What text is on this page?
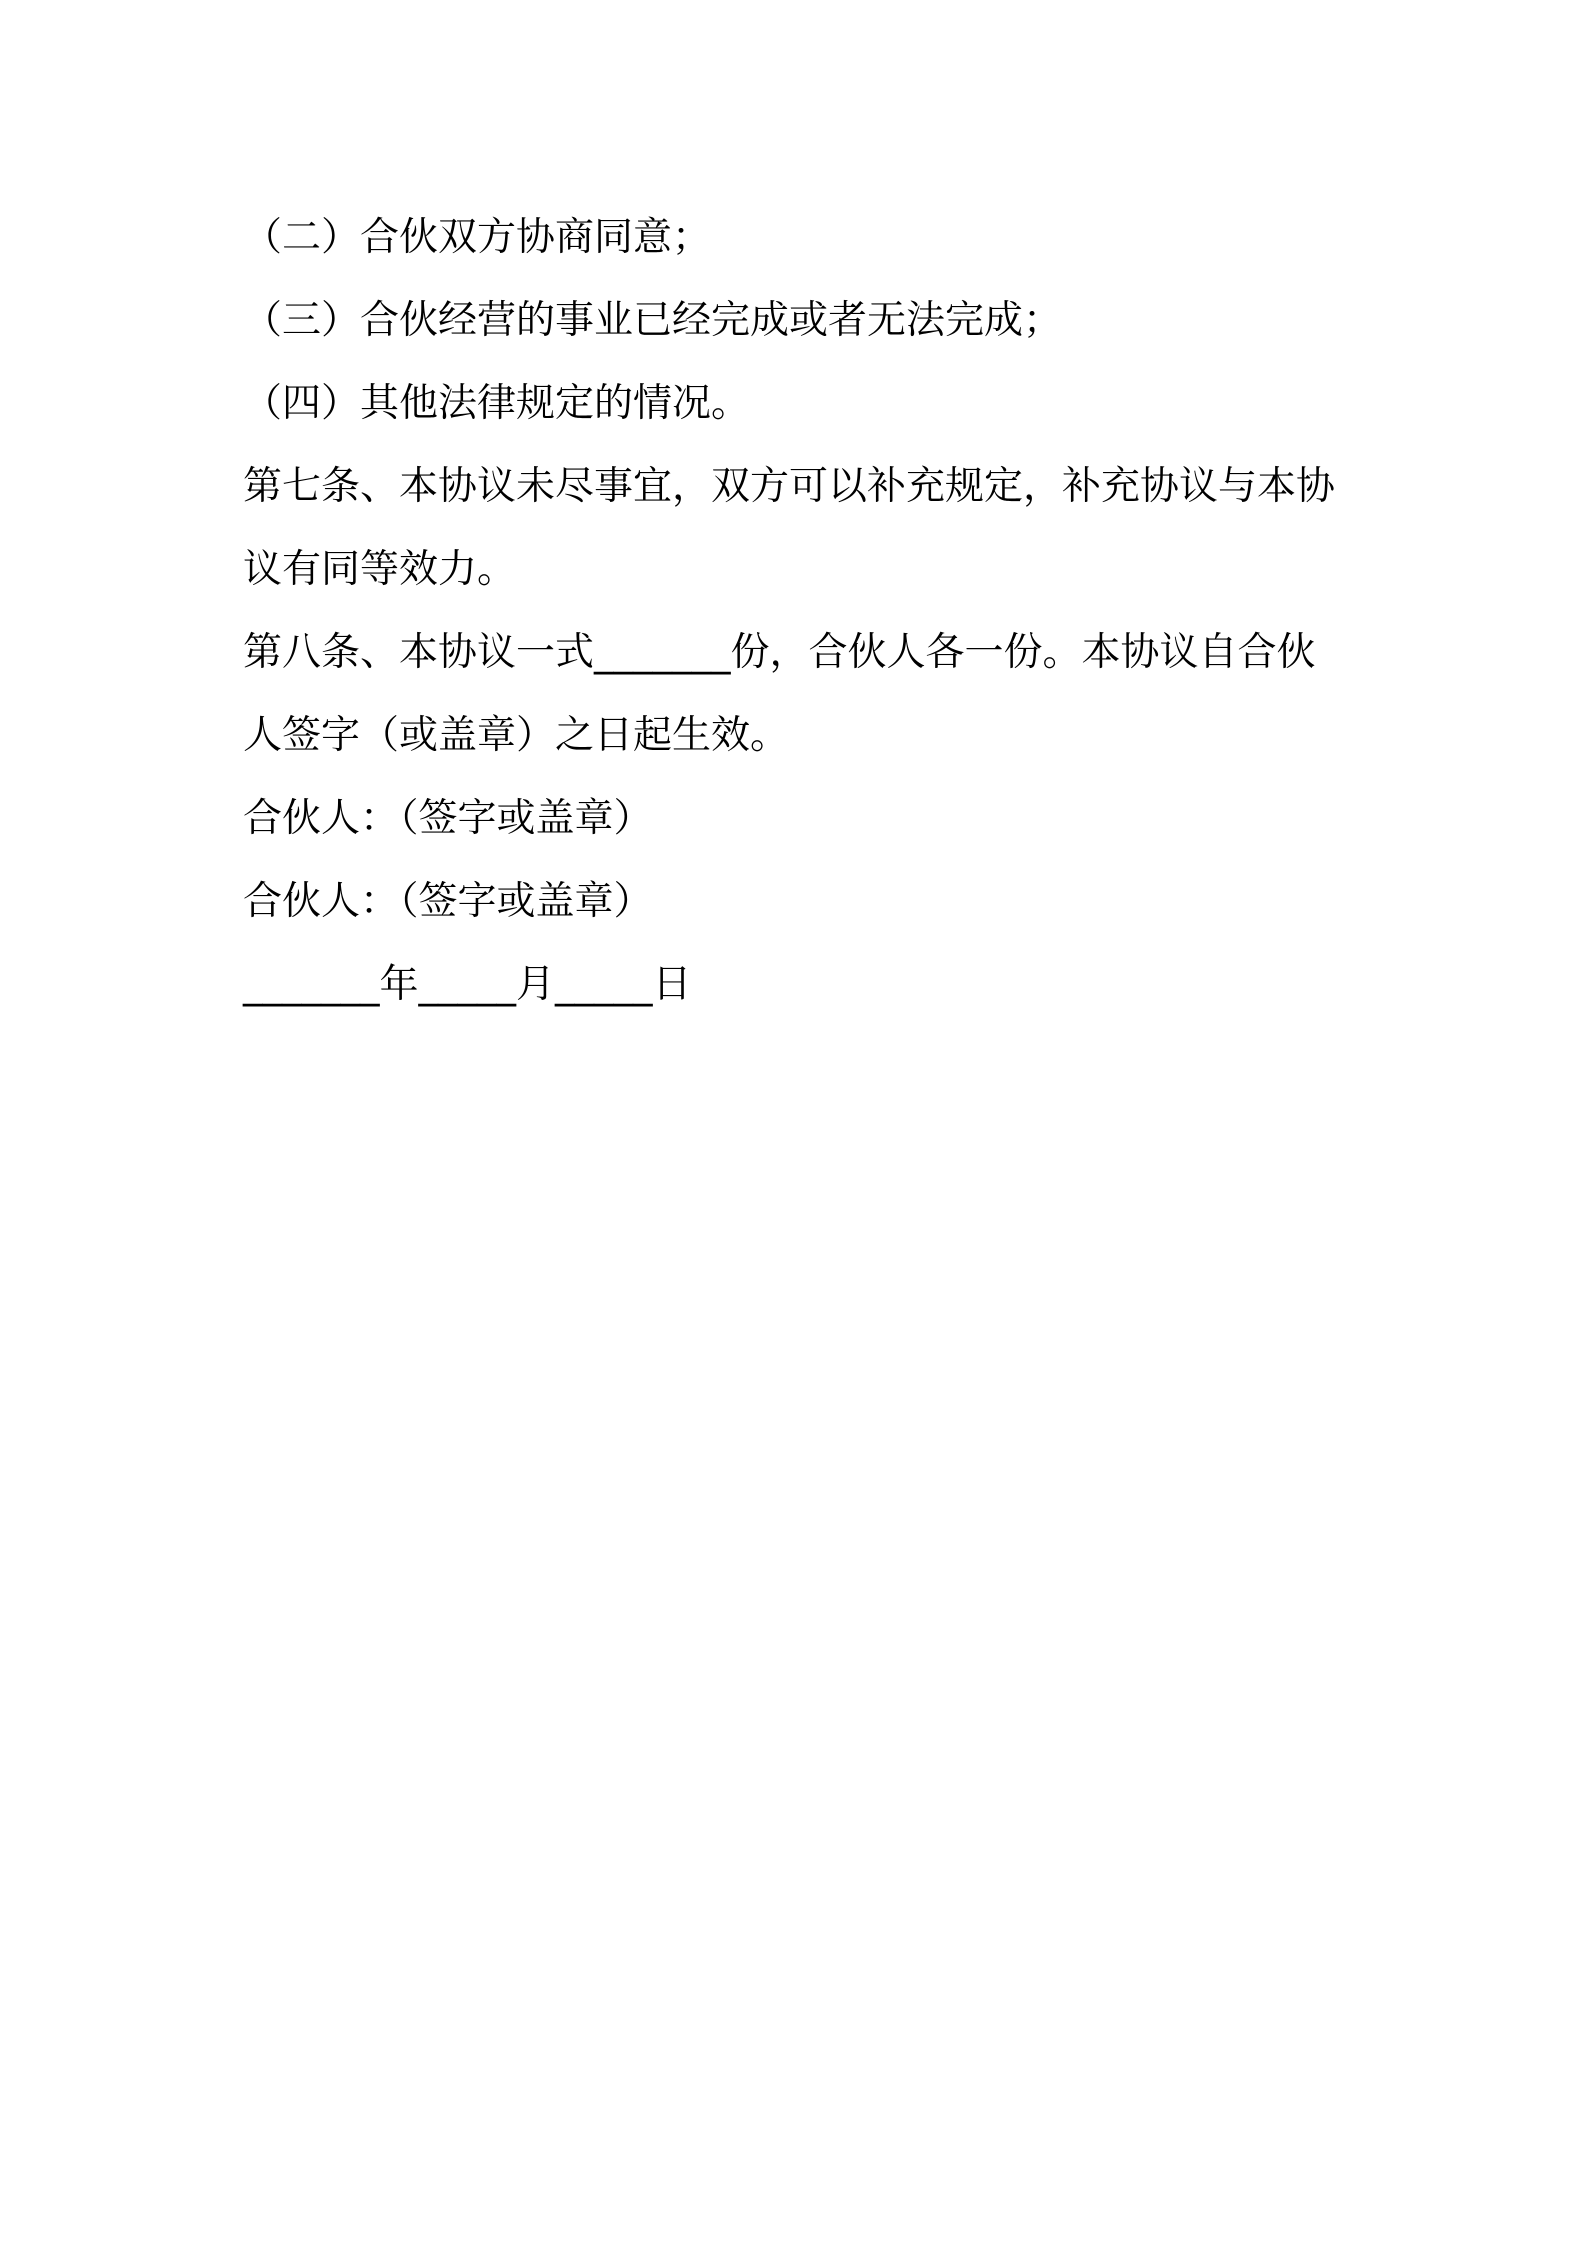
（二）合伙双方协商同意；
（三）合伙经营的事业已经完成或者无法完成；
（四）其他法律规定的情况。
第七条、本协议未尽事宜，双方可以补充规定，补充协议与本协
议有同等效力。
第八条、本协议一式_______份，合伙人各一份。本协议自合伙
人签字（或盖章）之日起生效。
合伙人：（签字或盖章）
合伙人：（签字或盖章）
_______年_____月_____日
